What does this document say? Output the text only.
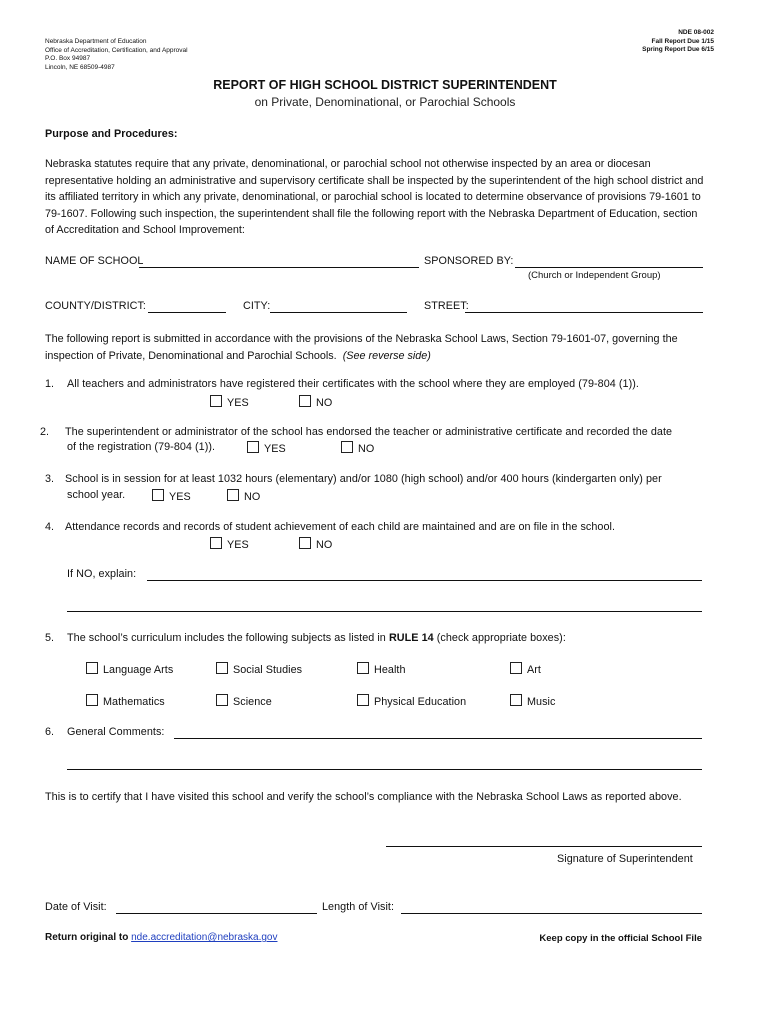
Nebraska Department of Education
Office of Accreditation, Certification, and Approval
P.O. Box 94987
Lincoln, NE 68509-4987
NDE 08-002
Fall Report Due 1/15
Spring Report Due 6/15
REPORT OF HIGH SCHOOL DISTRICT SUPERINTENDENT
on Private, Denominational, or Parochial Schools
Purpose and Procedures:
Nebraska statutes require that any private, denominational, or parochial school not otherwise inspected by an area or diocesan representative holding an administrative and supervisory certificate shall be inspected by the superintendent of the high school district and its affiliated territory in which any private, denominational, or parochial school is located to determine observance of provisions 79-1601 to 79-1607. Following such inspection, the superintendent shall file the following report with the Nebraska Department of Education, section of Accreditation and School Improvement:
NAME OF SCHOOL	SPONSORED BY:
(Church or Independent Group)
COUNTY/DISTRICT:	CITY:	STREET:
The following report is submitted in accordance with the provisions of the Nebraska School Laws, Section 79-1601-07, governing the inspection of Private, Denominational and Parochial Schools. (See reverse side)
1. All teachers and administrators have registered their certificates with the school where they are employed (79-804 (1)).
YES	NO
2. The superintendent or administrator of the school has endorsed the teacher or administrative certificate and recorded the date
of the registration (79-804 (1)).	YES	NO
3. School is in session for at least 1032 hours (elementary) and/or 1080 (high school) and/or 400 hours (kindergarten only) per
school year.	YES	NO
4. Attendance records and records of student achievement of each child are maintained and are on file in the school.
YES	NO
If NO, explain:
5. The school’s curriculum includes the following subjects as listed in RULE 14 (check appropriate boxes):
Language Arts	Social Studies	Health	Art
Mathematics	Science	Physical Education	Music
6. General Comments:
This is to certify that I have visited this school and verify the school’s compliance with the Nebraska School Laws as reported above.
Signature of Superintendent
Date of Visit:	Length of Visit:
Return original to nde.accreditation@nebraska.gov	Keep copy in the official School File
